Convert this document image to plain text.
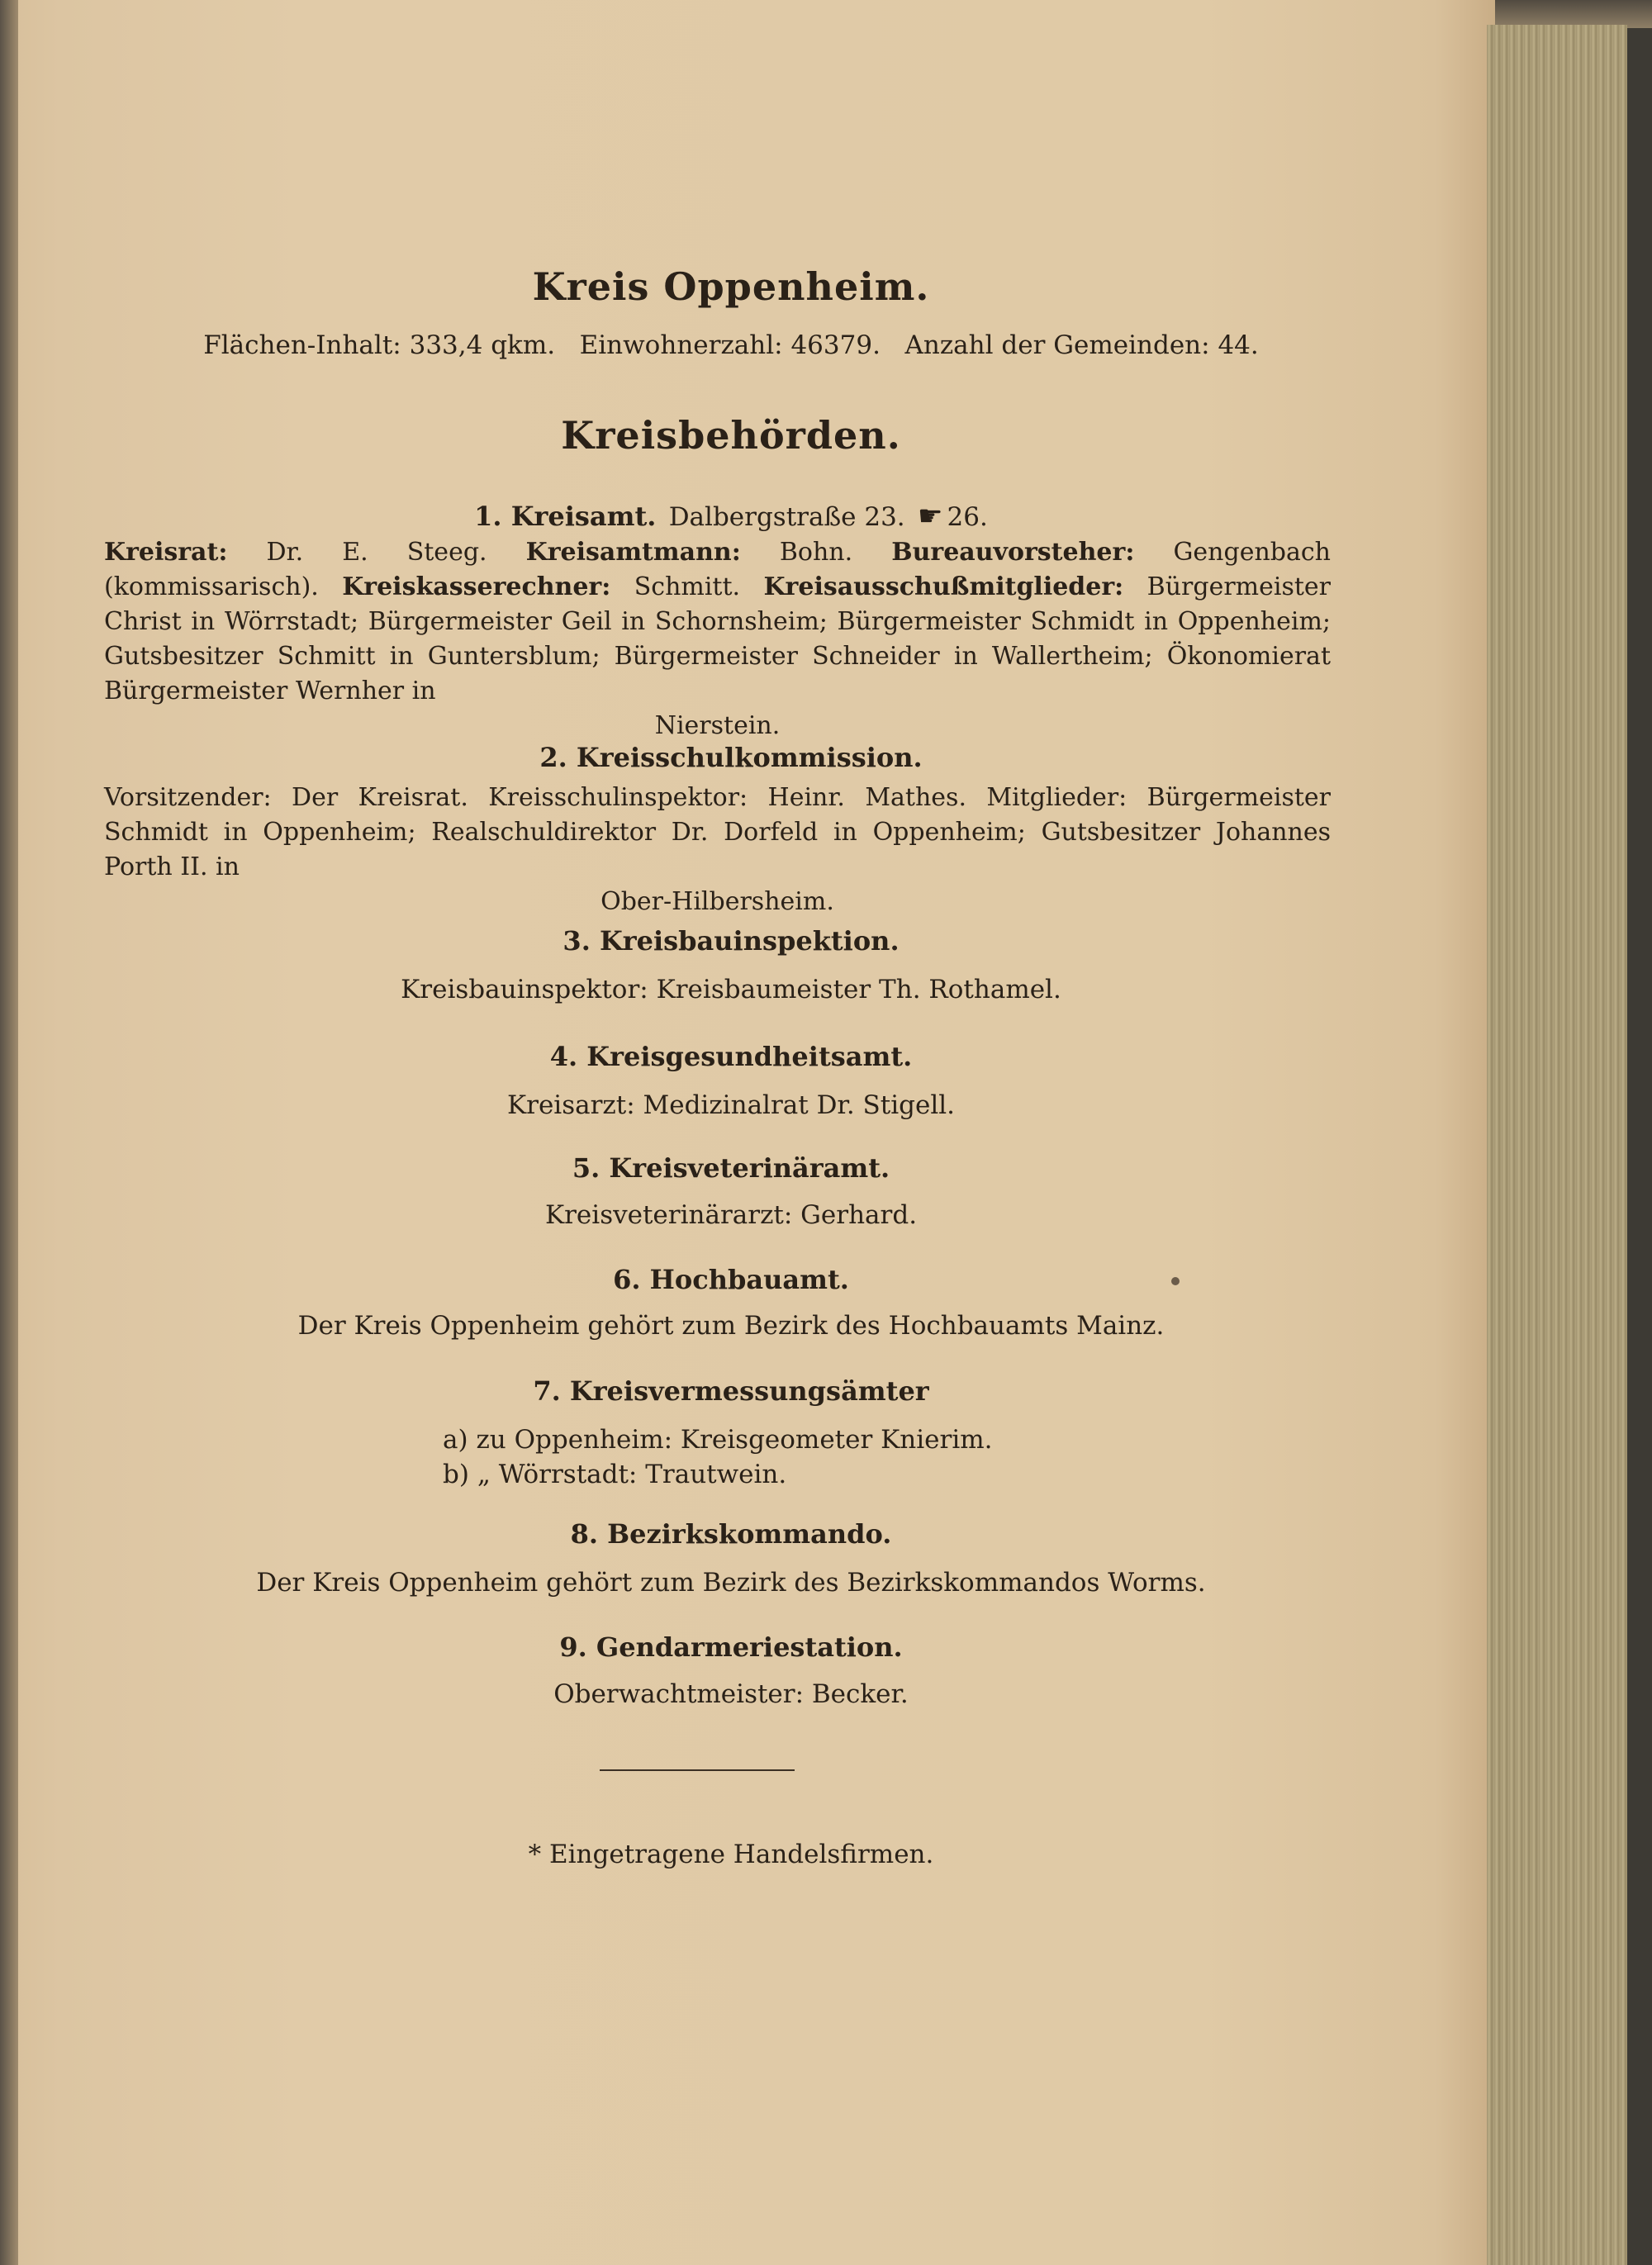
Kreis Oppenheim.
Flächen-Inhalt: 333,4 qkm. Einwohnerzahl: 46379. Anzahl der Gemeinden: 44.
Kreisbehörden.
1. Kreisamt. Dalbergstraße 23. ☛ 26.
Kreisrat: Dr. E. Steeg. Kreisamtmann: Bohn. Bureauvorsteher: Gengenbach (kommissarisch). Kreiskasserechner: Schmitt. Kreisausschußmitglieder: Bürgermeister Christ in Wörrstadt; Bürgermeister Geil in Schornsheim; Bürgermeister Schmidt in Oppenheim; Gutsbesitzer Schmitt in Guntersblum; Bürgermeister Schneider in Wallertheim; Ökonomierat Bürgermeister Wernher in
Nierstein.
2. Kreisschulkommission.
Vorsitzender: Der Kreisrat. Kreisschulinspektor: Heinr. Mathes. Mitglieder: Bürgermeister Schmidt in Oppenheim; Realschuldirektor Dr. Dorfeld in Oppenheim; Gutsbesitzer Johannes Porth II. in
Ober-Hilbersheim.
3. Kreisbauinspektion.
Kreisbauinspektor: Kreisbaumeister Th. Rothamel.
4. Kreisgesundheitsamt.
Kreisarzt: Medizinalrat Dr. Stigell.
5. Kreisveterinäramt.
Kreisveterinärarzt: Gerhard.
6. Hochbauamt.
Der Kreis Oppenheim gehört zum Bezirk des Hochbauamts Mainz.
7. Kreisvermessungsämter
a) zu Oppenheim: Kreisgeometer Knierim.
b) „ Wörrstadt: Trautwein.
8. Bezirkskommando.
Der Kreis Oppenheim gehört zum Bezirk des Bezirkskommandos Worms.
9. Gendarmeriestation.
Oberwachtmeister: Becker.
* Eingetragene Handelsfirmen.
